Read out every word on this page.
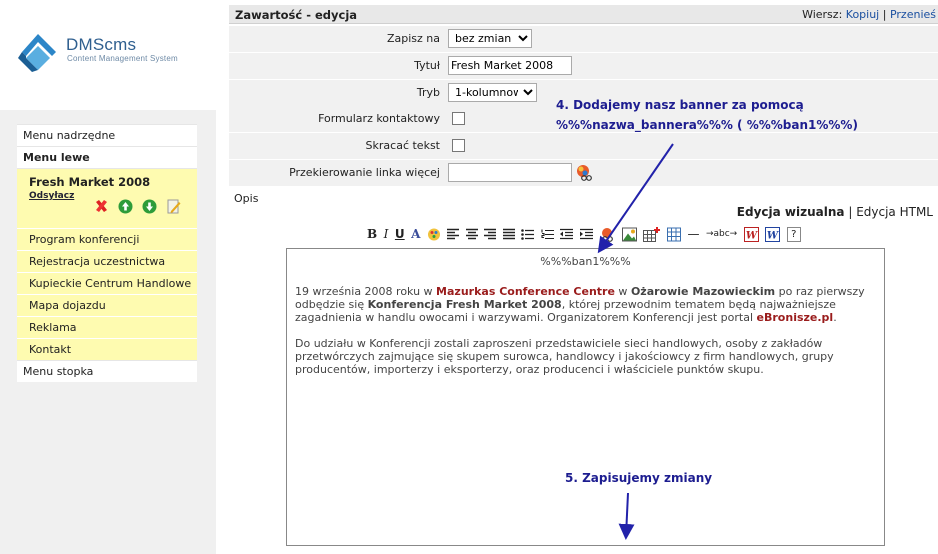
DMScms
Content Management System
Menu nadrzędne
Menu lewe
Fresh Market 2008
Odsyłacz
Program konferencji
Rejestracja uczestnictwa
Kupieckie Centrum Handlowe
Mapa dojazdu
Reklama
Kontakt
Menu stopka
Zawartość - edycja	Wiersz: Kopiuj | Przenieś
Zapisz na
bez zmian
Tytuł
Fresh Market 2008
Tryb
1-kolumnowy
Formularz kontaktowy
Skracać tekst
Przekierowanie linka więcej
Opis
Edycja wizualna | Edycja HTML
B I U A	— →abc→ W
W ?
%%%ban1%%%

19 września 2008 roku w Mazurkas Conference Centre w Ożarowie Mazowieckim po raz pierwszy odbędzie się Konferencja Fresh Market 2008, której przewodnim tematem będą najważniejsze zagadnienia w handlu owocami i warzywami. Organizatorem Konferencji jest portal eBronisze.pl.

Do udziału w Konferencji zostali zaproszeni przedstawiciele sieci handlowych, osoby z zakładów przetwórczych zajmujące się skupem surowca, handlowcy i jakościowcy z firm handlowych, grupy producentów, importerzy i eksporterzy, oraz producenci i właściciele punktów skupu.

4. Dodajemy nasz banner za pomocą
%%%nazwa_bannera%%% ( %%%ban1%%%)
5. Zapisujemy zmiany
